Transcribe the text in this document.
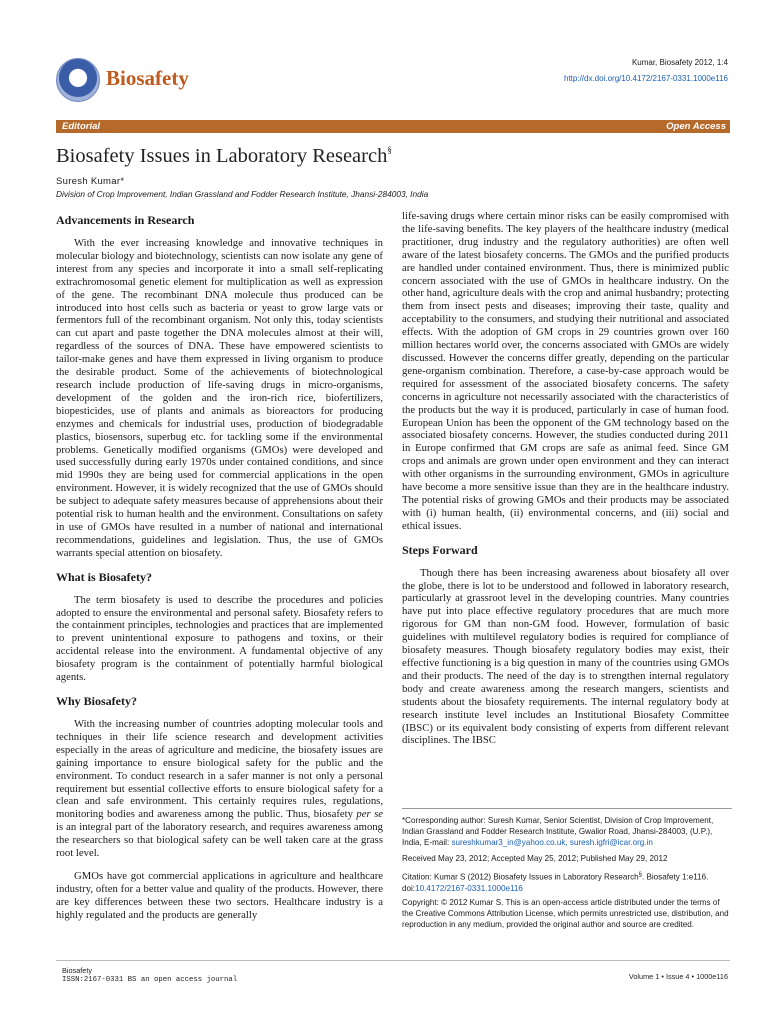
Biosafety
Kumar, Biosafety 2012, 1:4
http://dx.doi.org/10.4172/2167-0331.1000e116
Editorial	Open Access
Biosafety Issues in Laboratory Research§
Suresh Kumar*
Division of Crop Improvement, Indian Grassland and Fodder Research Institute, Jhansi-284003, India
Advancements in Research

With the ever increasing knowledge and innovative techniques in molecular biology and biotechnology, scientists can now isolate any gene of interest from any species and incorporate it into a small self-replicating extrachromosomal genetic element for multiplication as well as expression of the gene. The recombinant DNA molecule thus produced can be introduced into host cells such as bacteria or yeast to grow large vats or fermentors full of the recombinant organism. Not only this, today scientists can cut apart and paste together the DNA molecules almost at their will, regardless of the sources of DNA. These have empowered scientists to tailor-make genes and have them expressed in living organism to produce the desirable product. Some of the achievements of biotechnological research include production of life-saving drugs in micro-organisms, development of the golden and the iron-rich rice, biofertilizers, biopesticides, use of plants and animals as bioreactors for producing enzymes and chemicals for industrial uses, production of biodegradable plastics, biosensors, superbug etc. for tackling some if the environmental problems. Genetically modified organisms (GMOs) were developed and used successfully during early 1970s under contained conditions, and since mid 1990s they are being used for commercial applications in the open environment. However, it is widely recognized that the use of GMOs should be subject to adequate safety measures because of apprehensions about their potential risk to human health and the environment. Consultations on safety in use of GMOs have resulted in a number of national and international recommendations, guidelines and legislation. Thus, the use of GMOs warrants special attention on biosafety.

What is Biosafety?

The term biosafety is used to describe the procedures and policies adopted to ensure the environmental and personal safety. Biosafety refers to the containment principles, technologies and practices that are implemented to prevent unintentional exposure to pathogens and toxins, or their accidental release into the environment. A fundamental objective of any biosafety program is the containment of potentially harmful biological agents.

Why Biosafety?

With the increasing number of countries adopting molecular tools and techniques in their life science research and development activities especially in the areas of agriculture and medicine, the biosafety issues are gaining importance to ensure biological safety for the public and the environment. To conduct research in a safer manner is not only a personal requirement but essential collective efforts to ensure biological safety for a clean and safe environment. This certainly requires rules, regulations, monitoring bodies and awareness among the public. Thus, biosafety per se is an integral part of the laboratory research, and requires awareness among the researchers so that biological safety can be well taken care at the grass root level.

GMOs have got commercial applications in agriculture and healthcare industry, often for a better value and quality of the products. However, there are key differences between these two sectors. Healthcare industry is a highly regulated and the products are generally

life-saving drugs where certain minor risks can be easily compromised with the life-saving benefits. The key players of the healthcare industry (medical practitioner, drug industry and the regulatory authorities) are often well aware of the latest biosafety concerns. The GMOs and the purified products are handled under contained environment. Thus, there is minimized public concern associated with the use of GMOs in healthcare industry. On the other hand, agriculture deals with the crop and animal husbandry; protecting them from insect pests and diseases; improving their taste, quality and acceptability to the consumers, and studying their nutritional and associated effects. With the adoption of GM crops in 29 countries grown over 160 million hectares world over, the concerns associated with GMOs are widely discussed. However the concerns differ greatly, depending on the particular gene-organism combination. Therefore, a case-by-case approach would be required for assessment of the associated biosafety concerns. The safety concerns in agriculture not necessarily associated with the characteristics of the products but the way it is produced, particularly in case of human food. European Union has been the opponent of the GM technology based on the associated biosafety concerns. However, the studies conducted during 2011 in Europe confirmed that GM crops are safe as animal feed. Since GM crops and animals are grown under open environment and they can interact with other organisms in the surrounding environment, GMOs in agriculture have become a more sensitive issue than they are in the healthcare industry. The potential risks of growing GMOs and their products may be associated with (i) human health, (ii) environmental concerns, and (iii) social and ethical issues.

Steps Forward

Though there has been increasing awareness about biosafety all over the globe, there is lot to be understood and followed in laboratory research, particularly at grassroot level in the developing countries. Many countries have put into place effective regulatory procedures that are much more rigorous for GM than non-GM food. However, formulation of basic guidelines with multilevel regulatory bodies is required for compliance of biosafety measures. Though biosafety regulatory bodies may exist, their effective functioning is a big question in many of the countries using GMOs and their products. The need of the day is to strengthen internal regulatory body and create awareness among the research mangers, scientists and students about the biosafety requirements. The internal regulatory body at research institute level includes an Institutional Biosafety Committee (IBSC) or its equivalent body consisting of experts from different relevant disciplines. The IBSC

*Corresponding author: Suresh Kumar, Senior Scientist, Division of Crop Improvement, Indian Grassland and Fodder Research Institute, Gwalior Road, Jhansi-284003, (U.P.), India, E-mail: sureshkumar3_in@yahoo.co.uk, suresh.igfri@icar.org.in
Received May 23, 2012; Accepted May 25, 2012; Published May 29, 2012
Citation: Kumar S (2012) Biosafety Issues in Laboratory Research§. Biosafety 1:e116. doi:10.4172/2167-0331.1000e116
Copyright: © 2012 Kumar S. This is an open-access article distributed under the terms of the Creative Commons Attribution License, which permits unrestricted use, distribution, and reproduction in any medium, provided the original author and source are credited.
Biosafety
ISSN:2167-0331 BS an open access journal	Volume 1 • Issue 4 • 1000e116
